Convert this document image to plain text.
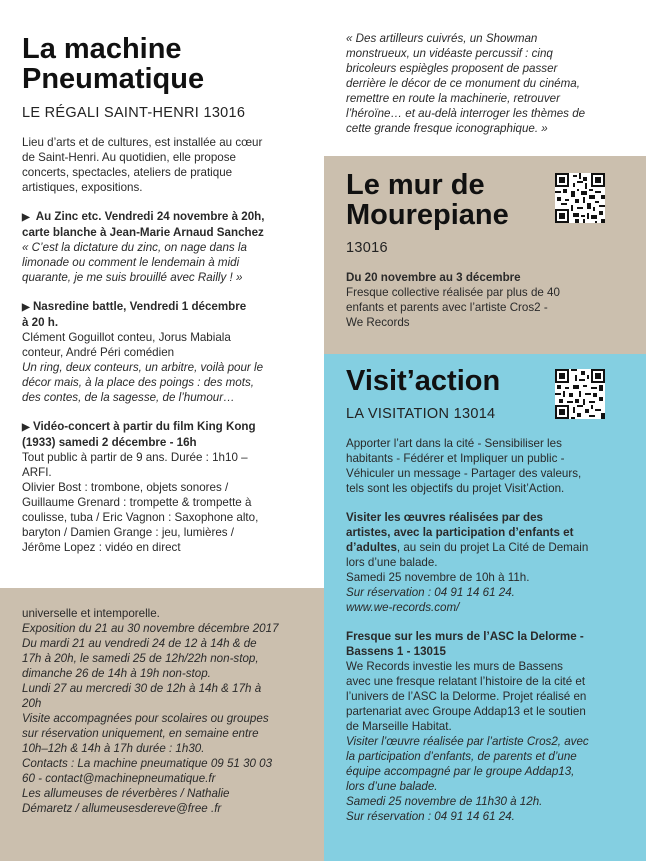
La machine
Pneumatique
LE RÉGALI SAINT-HENRI 13016
Lieu d’arts et de cultures, est installée au cœur
de Saint-Henri. Au quotidien, elle propose
concerts, spectacles, ateliers de pratique
artistiques, expositions.
▶ Au Zinc etc. Vendredi 24 novembre à 20h,
carte blanche à Jean-Marie Arnaud Sanchez
« C’est la dictature du zinc, on nage dans la
limonade ou comment le lendemain à midi
quarante, je me suis brouillé avec Railly ! »
▶ Nasredine battle, Vendredi 1 décembre
à 20 h.
Clément Goguillot conteu, Jorus Mabiala
conteur, André Péri comédien
Un ring, deux conteurs, un arbitre, voilà pour le
décor mais, à la place des poings : des mots,
des contes, de la sagesse, de l’humour…
▶ Vidéo-concert à partir du film King Kong
(1933) samedi 2 décembre - 16h
Tout public à partir de 9 ans. Durée : 1h10 –
ARFI.
Olivier Bost : trombone, objets sonores /
Guillaume Grenard : trompette & trompette à
coulisse, tuba / Eric Vagnon : Saxophone alto,
baryton / Damien Grange : jeu, lumières /
Jérôme Lopez : vidéo en direct
universelle et intemporelle.
Exposition du 21 au 30 novembre décembre 2017
Du mardi 21 au vendredi 24 de 12 à 14h & de
17h à 20h, le samedi 25 de 12h/22h non-stop,
dimanche 26 de 14h à 19h non-stop.
Lundi 27 au mercredi 30 de 12h à 14h & 17h à
20h
Visite accompagnées pour scolaires ou groupes
sur réservation uniquement, en semaine entre
10h–12h & 14h à 17h durée : 1h30.
Contacts : La machine pneumatique 09 51 30 03
60 - contact@machinepneumatique.fr
Les allumeuses de réverbères / Nathalie
Démaretz / allumeusesdereve@free .fr
« Des artilleurs cuivrés, un Showman
monstrueux, un vidéaste percussif : cinq
bricoleurs espiègles proposent de passer
derrière le décor de ce monument du cinéma,
remettre en route la machinerie, retrouver
l’héroïne… et au-delà interroger les thèmes de
cette grande fresque iconographique. »
Le mur de
Mourepiane
13016
Du 20 novembre au 3 décembre
Fresque collective réalisée par plus de 40
enfants et parents avec l’artiste Cros2 -
We Records
Visit’action
LA VISITATION 13014
Apporter l’art dans la cité - Sensibiliser les
habitants - Fédérer et Impliquer un public -
Véhiculer un message - Partager des valeurs,
tels sont les objectifs du projet Visit’Action.
Visiter les œuvres réalisées par des
artistes, avec la participation d’enfants et
d’adultes, au sein du projet La Cité de Demain
lors d’une balade.
Samedi 25 novembre de 10h à 11h.
Sur réservation : 04 91 14 61 24.
www.we-records.com/
Fresque sur les murs de l’ASC la Delorme -
Bassens 1 - 13015
We Records investie les murs de Bassens
avec une fresque relatant l’histoire de la cité et
l’univers de l’ASC la Delorme. Projet réalisé en
partenariat avec Groupe Addap13 et le soutien
de Marseille Habitat.
Visiter l’œuvre réalisée par l’artiste Cros2, avec
la participation d’enfants, de parents et d’une
équipe accompagné par le groupe Addap13,
lors d’une balade.
Samedi 25 novembre de 11h30 à 12h.
Sur réservation : 04 91 14 61 24.
